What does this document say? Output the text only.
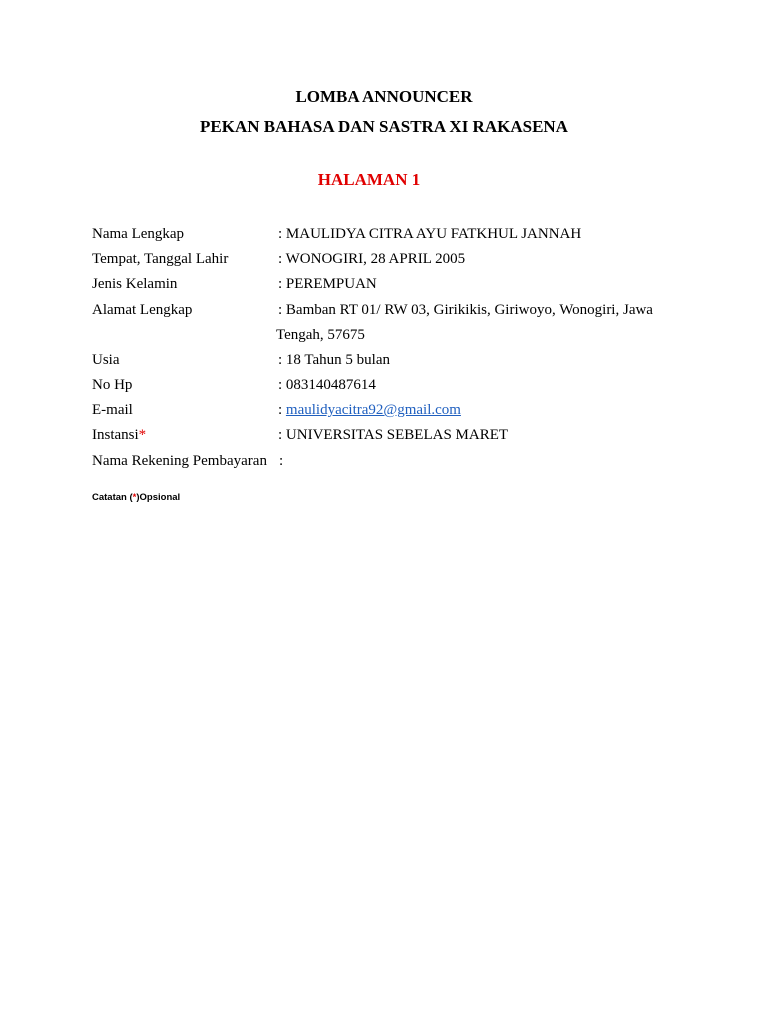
LOMBA ANNOUNCER
PEKAN BAHASA DAN SASTRA XI RAKASENA
HALAMAN 1
Nama Lengkap	: MAULIDYA CITRA AYU FATKHUL JANNAH
Tempat, Tanggal Lahir	: WONOGIRI, 28 APRIL 2005
Jenis Kelamin	: PEREMPUAN
Alamat Lengkap	: Bamban RT 01/ RW 03, Girikikis, Giriwoyo, Wonogiri, Jawa
Tengah, 57675
Usia	: 18 Tahun 5 bulan
No Hp	: 083140487614
E-mail	: maulidyacitra92@gmail.com
Instansi*	: UNIVERSITAS SEBELAS MARET
Nama Rekening Pembayaran :
Catatan (*)Opsional
